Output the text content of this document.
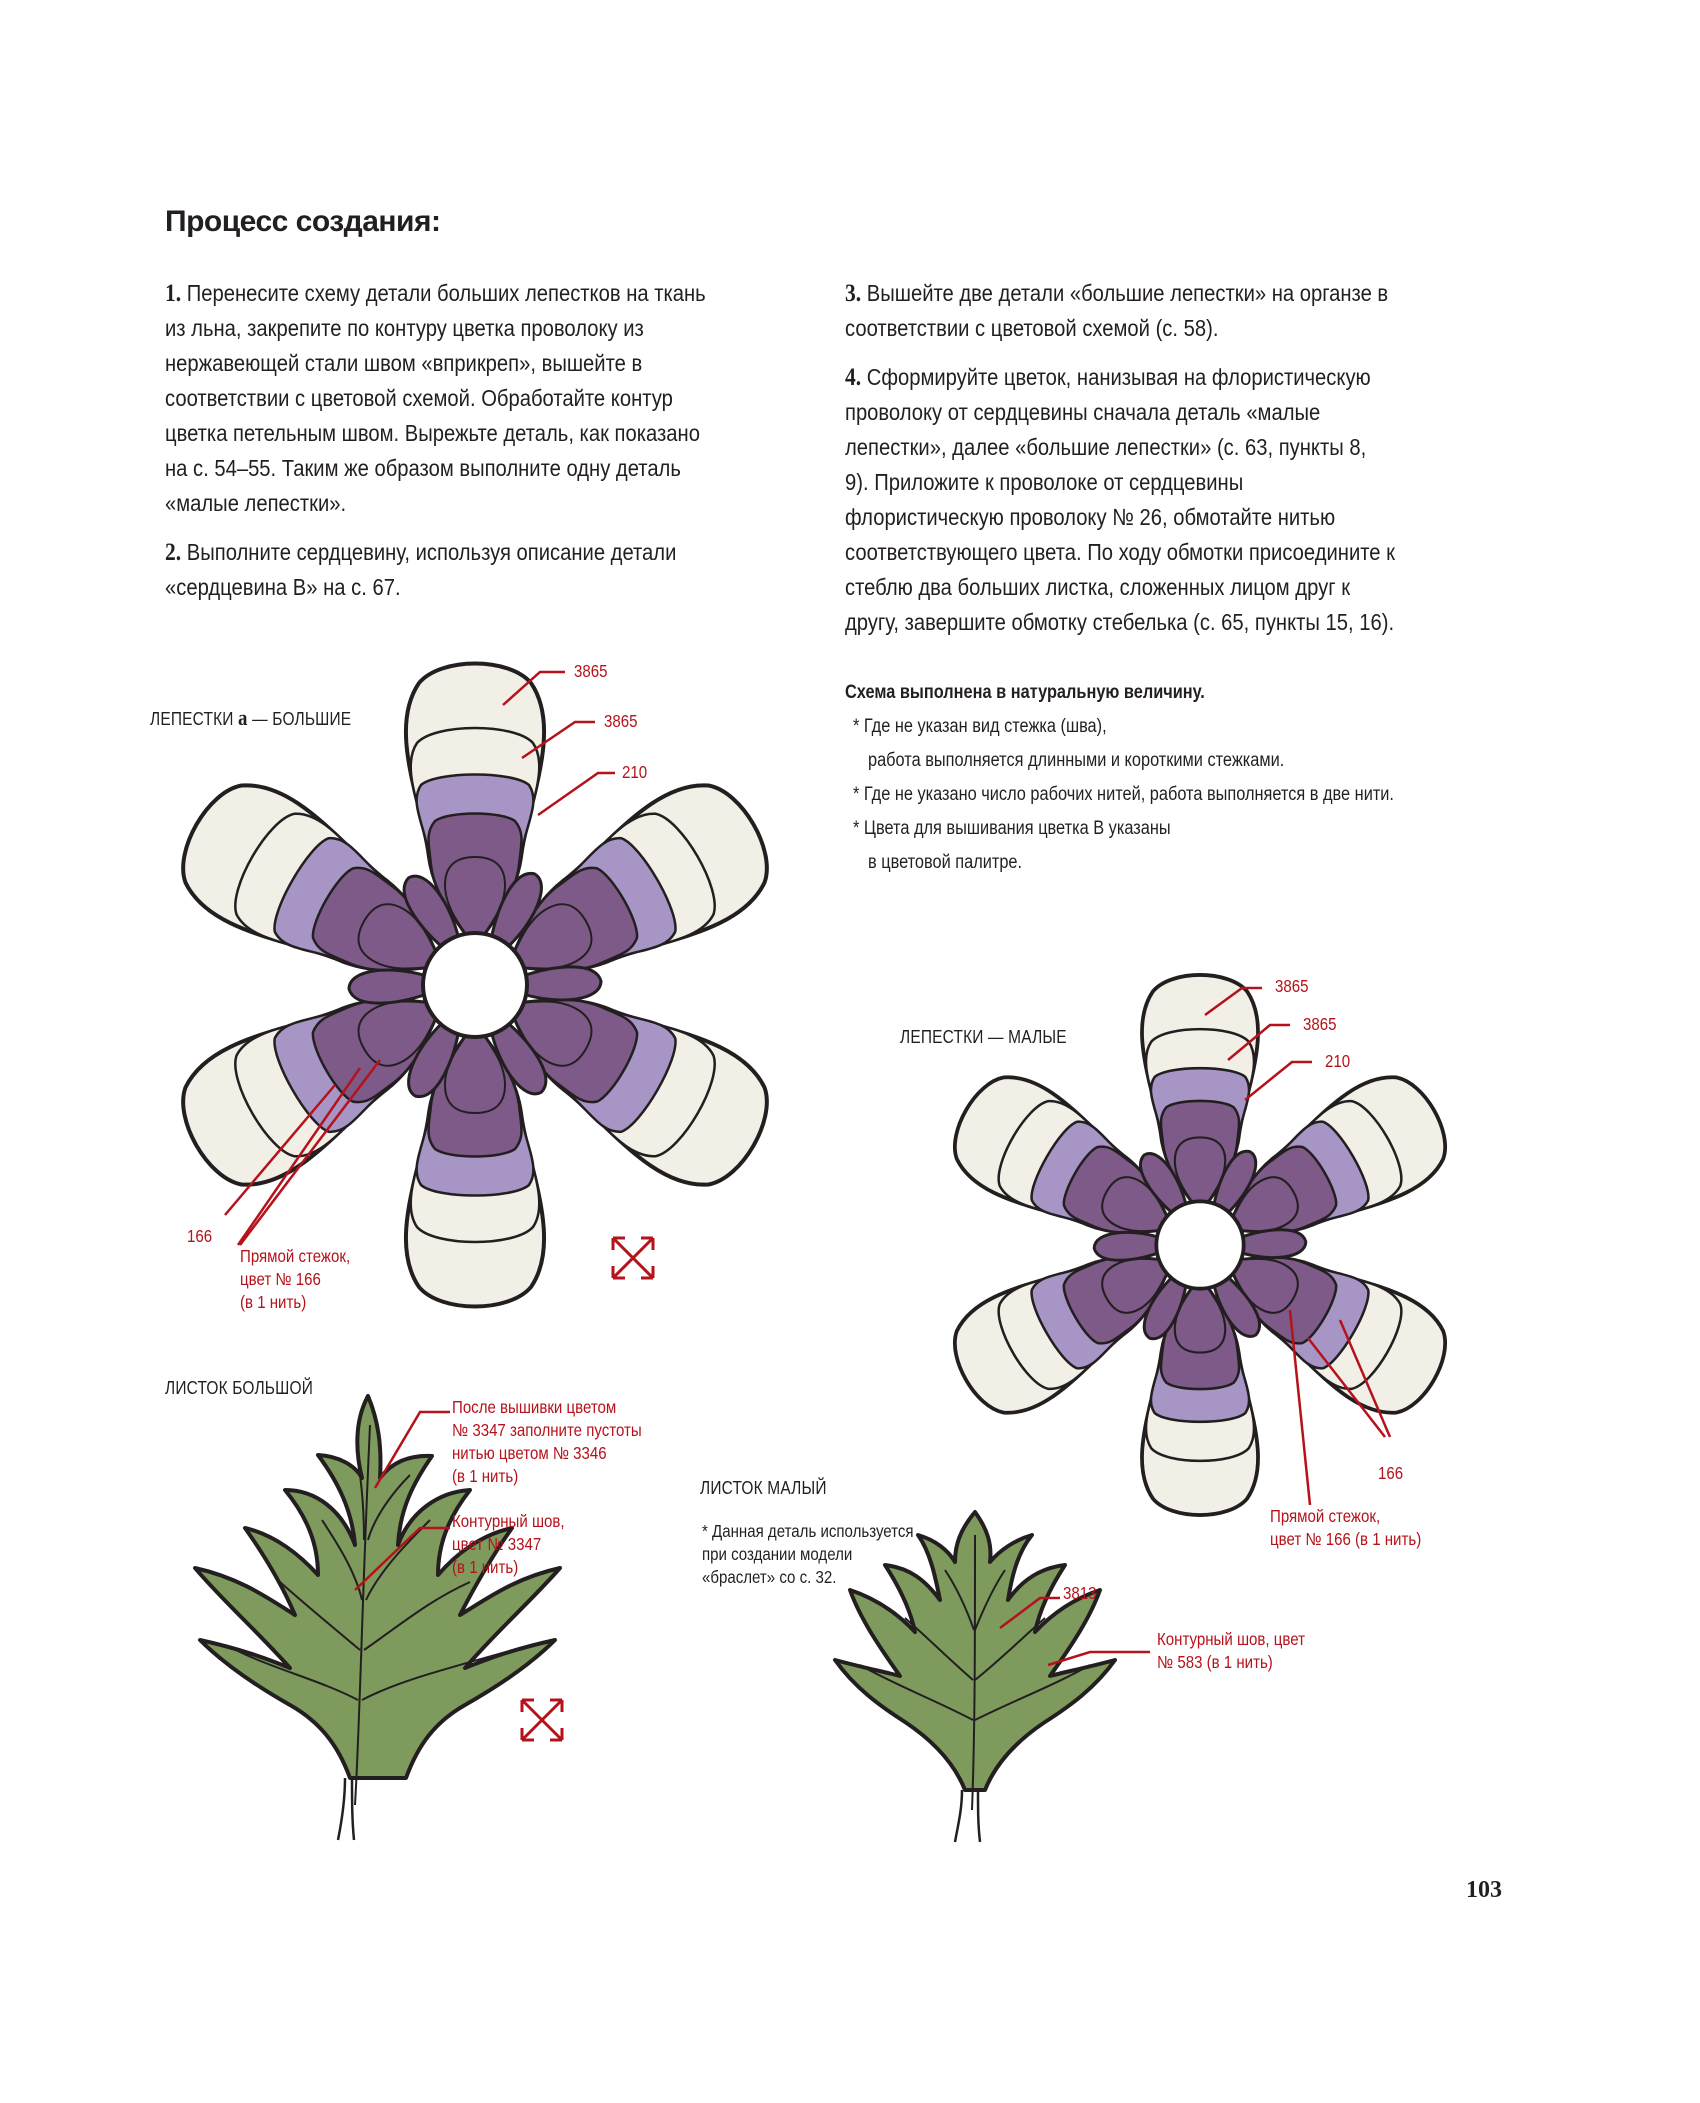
Процесс создания:

1. Перенесите схему детали больших лепестков на ткань из льна, закрепите по контуру цветка проволоку из нержавеющей стали швом «вприкреп», вышейте в соответствии с цветовой схемой. Обработайте контур цветка петельным швом. Вырежьте деталь, как показано на с. 54–55. Таким же образом выполните одну деталь «малые лепестки».

2. Выполните сердцевину, используя описание детали «сердцевина В» на с. 67.

3. Вышейте две детали «большие лепестки» на органзе в соответствии с цветовой схемой (с. 58).

4. Сформируйте цветок, нанизывая на флористическую проволоку от сердцевины сначала деталь «малые лепестки», далее «большие лепестки» (с. 63, пункты 8, 9). Приложите к проволоке от сердцевины флористическую проволоку № 26, обмотайте нитью соответствующего цвета. По ходу обмотки присоедините к стеблю два больших листка, сложенных лицом друг к другу, завершите обмотку стебелька (с. 65, пункты 15, 16).

Схема выполнена в натуральную величину.
* Где не указан вид стежка (шва),
работа выполняется длинными и короткими стежками.
* Где не указано число рабочих нитей, работа выполняется в две нити.
* Цвета для вышивания цветка В указаны
в цветовой палитре.
ЛЕПЕСТКИ а — БОЛЬШИЕ
3865
3865
210
166
Прямой стежок,
цвет № 166
(в 1 нить)
ЛЕПЕСТКИ — МАЛЫЕ
3865
3865
210
166
Прямой стежок,
цвет № 166 (в 1 нить)
ЛИСТОК БОЛЬШОЙ
После вышивки цветом
№ 3347 заполните пустоты
нитью цветом № 3346
(в 1 нить)
Контурный шов,
цвет № 3347
(в 1 нить)
ЛИСТОК МАЛЫЙ
* Данная деталь используется
при создании модели
«браслет» со с. 32.
3813
Контурный шов, цвет
№ 583 (в 1 нить)
103
